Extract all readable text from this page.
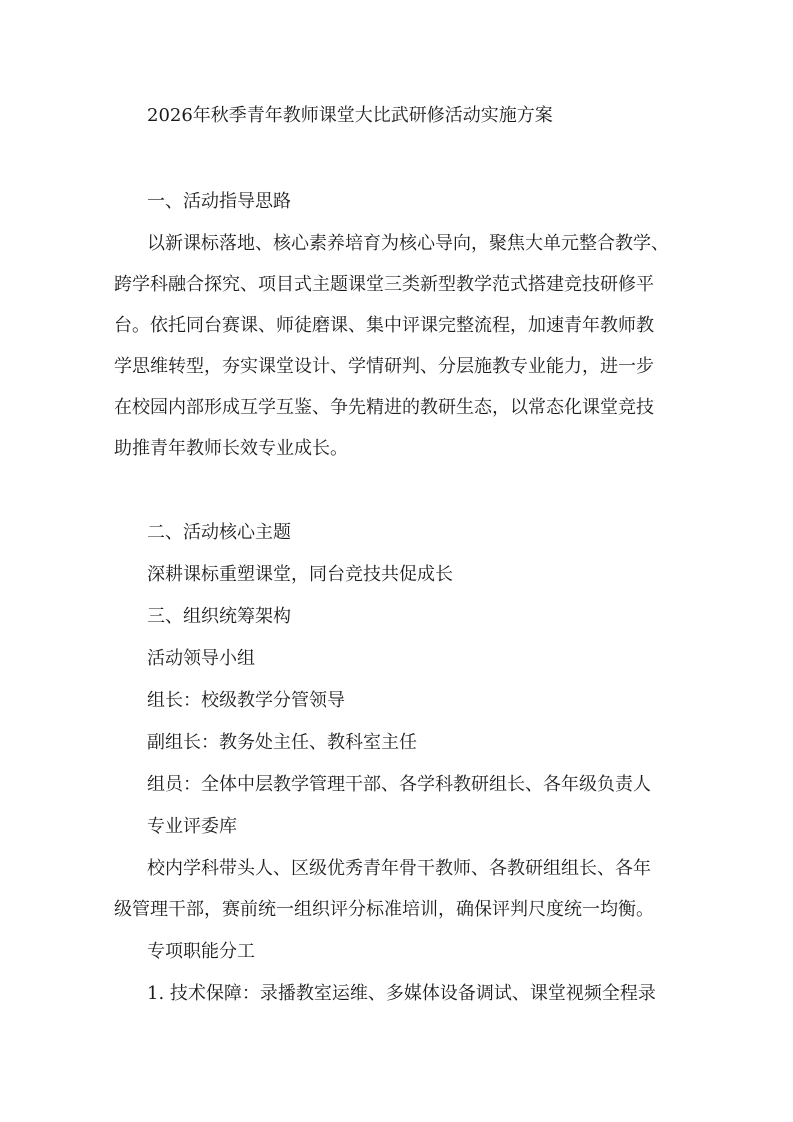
2026年秋季青年教师课堂大比武研修活动实施方案
一、活动指导思路
以新课标落地、核心素养培育为核心导向，聚焦大单元整合教学、
跨学科融合探究、项目式主题课堂三类新型教学范式搭建竞技研修平
台。依托同台赛课、师徒磨课、集中评课完整流程，加速青年教师教
学思维转型，夯实课堂设计、学情研判、分层施教专业能力，进一步
在校园内部形成互学互鉴、争先精进的教研生态，以常态化课堂竞技
助推青年教师长效专业成长。
二、活动核心主题
深耕课标重塑课堂，同台竞技共促成长
三、组织统筹架构
活动领导小组
组长：校级教学分管领导
副组长：教务处主任、教科室主任
组员：全体中层教学管理干部、各学科教研组长、各年级负责人
专业评委库
校内学科带头人、区级优秀青年骨干教师、各教研组组长、各年
级管理干部，赛前统一组织评分标准培训，确保评判尺度统一均衡。
专项职能分工
1. 技术保障：录播教室运维、多媒体设备调试、课堂视频全程录
